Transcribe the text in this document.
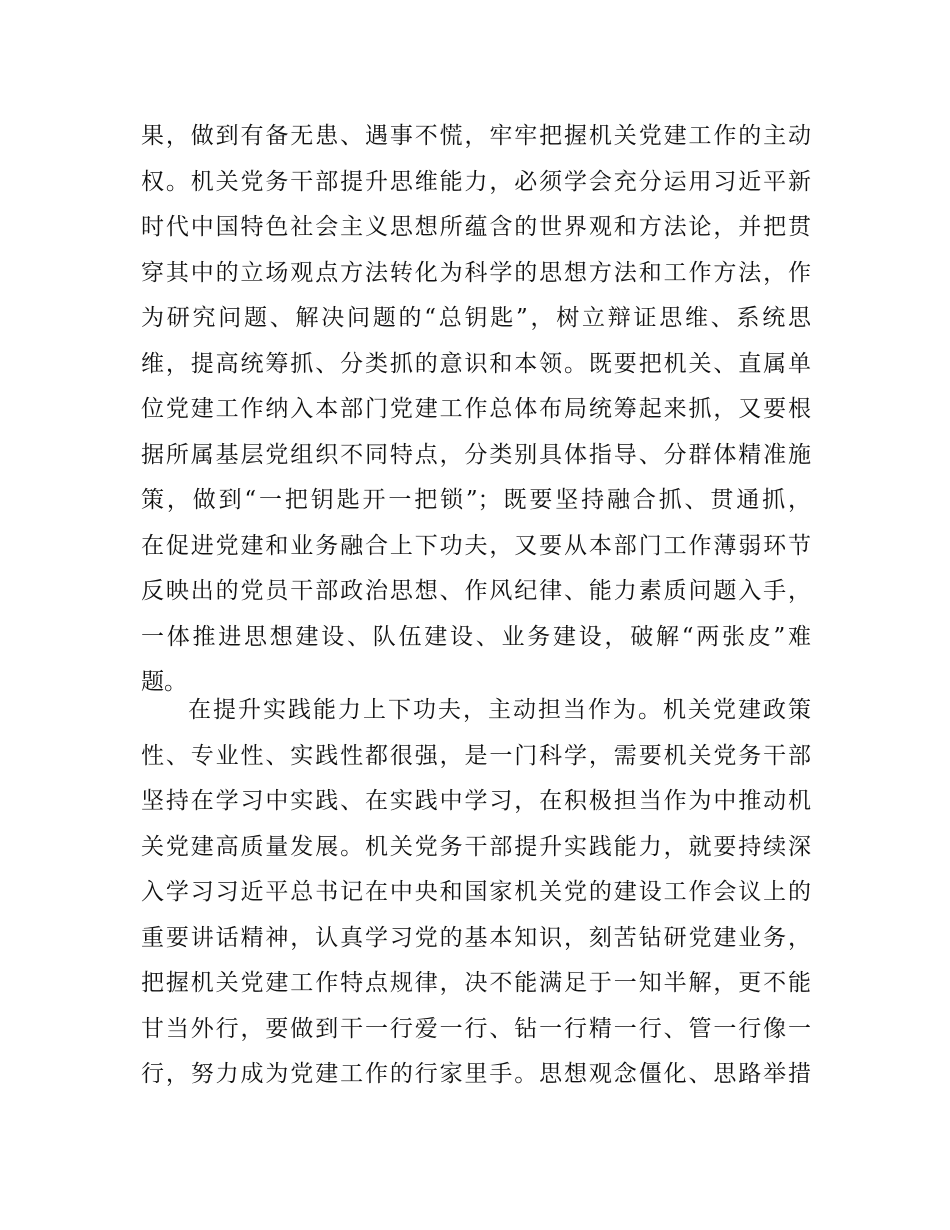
果，做到有备无患、遇事不慌，牢牢把握机关党建工作的主动
权。机关党务干部提升思维能力，必须学会充分运用习近平新
时代中国特色社会主义思想所蕴含的世界观和方法论，并把贯
穿其中的立场观点方法转化为科学的思想方法和工作方法，作
为研究问题、解决问题的“总钥匙”，树立辩证思维、系统思
维，提高统筹抓、分类抓的意识和本领。既要把机关、直属单
位党建工作纳入本部门党建工作总体布局统筹起来抓，又要根
据所属基层党组织不同特点，分类别具体指导、分群体精准施
策，做到“一把钥匙开一把锁”；既要坚持融合抓、贯通抓，
在促进党建和业务融合上下功夫，又要从本部门工作薄弱环节
反映出的党员干部政治思想、作风纪律、能力素质问题入手，
一体推进思想建设、队伍建设、业务建设，破解“两张皮”难
题。
在提升实践能力上下功夫，主动担当作为。机关党建政策
性、专业性、实践性都很强，是一门科学，需要机关党务干部
坚持在学习中实践、在实践中学习，在积极担当作为中推动机
关党建高质量发展。机关党务干部提升实践能力，就要持续深
入学习习近平总书记在中央和国家机关党的建设工作会议上的
重要讲话精神，认真学习党的基本知识，刻苦钻研党建业务，
把握机关党建工作特点规律，决不能满足于一知半解，更不能
甘当外行，要做到干一行爱一行、钻一行精一行、管一行像一
行，努力成为党建工作的行家里手。思想观念僵化、思路举措
